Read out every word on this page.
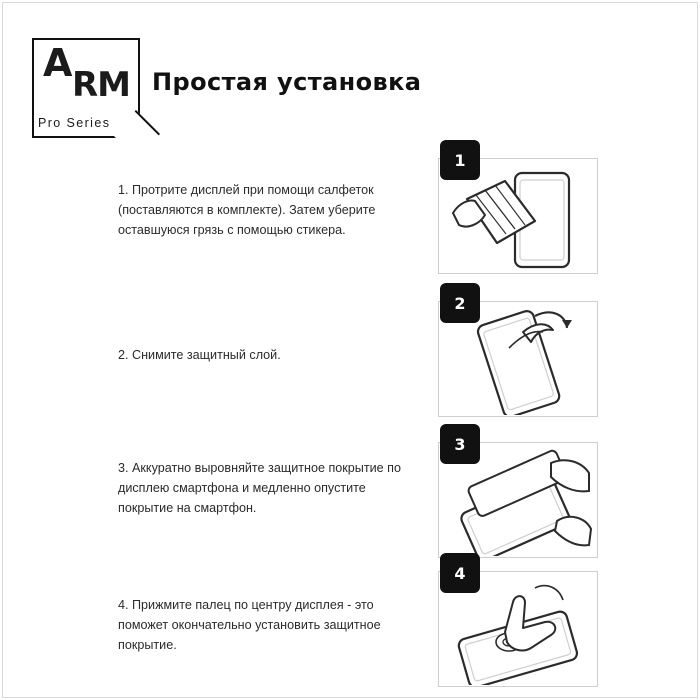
A RM
Pro Series
Простая установка
1
1. Протрите дисплей при помощи салфеток (поставляются в комплекте). Затем уберите оставшуюся грязь с помощью стикера.
2
2. Снимите защитный слой.
3
3. Аккуратно выровняйте защитное покрытие по дисплею смартфона и медленно опустите покрытие на смартфон.
4
4. Прижмите палец по центру дисплея - это поможет окончательно установить защитное покрытие.
